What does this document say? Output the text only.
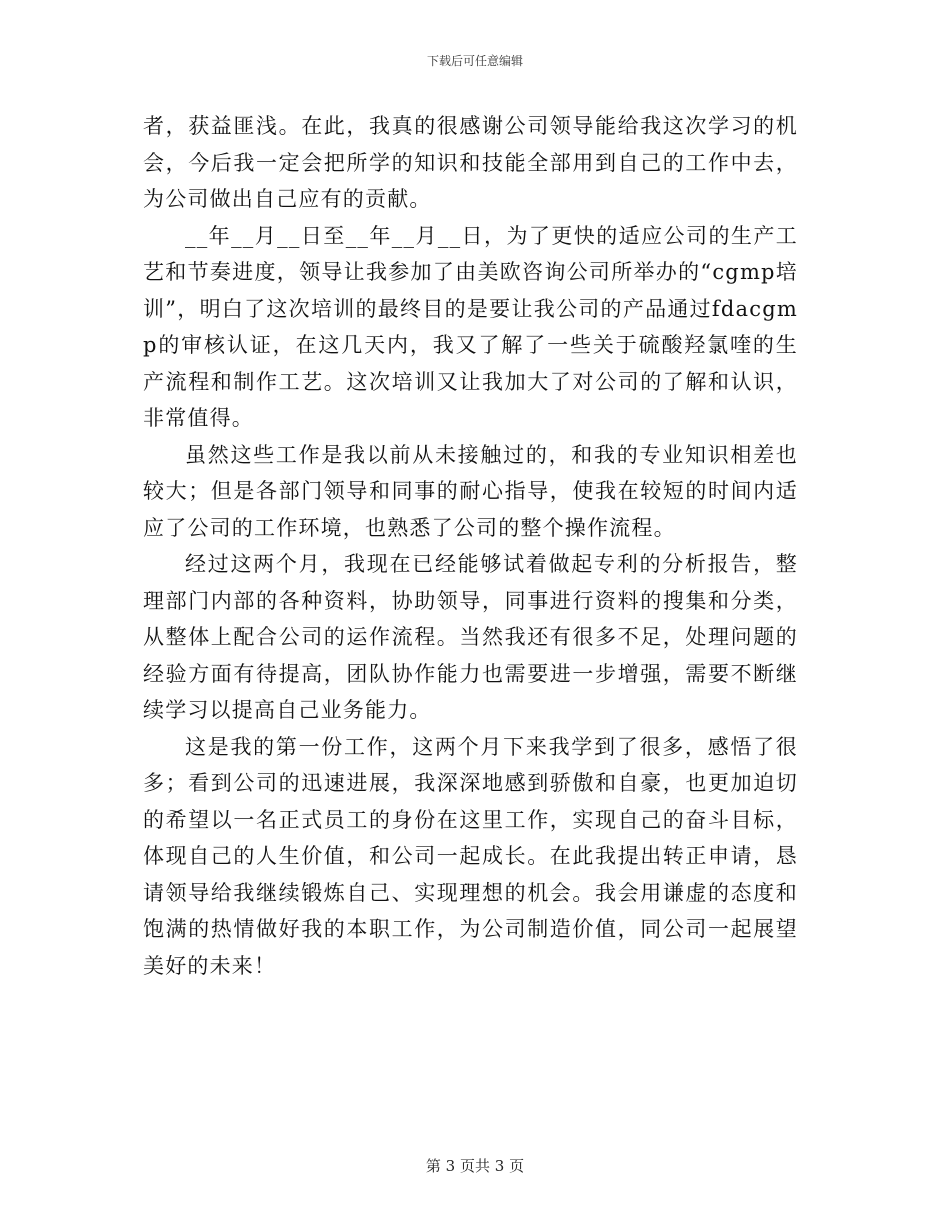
下载后可任意编辑

者，获益匪浅。在此，我真的很感谢公司领导能给我这次学习的机会，今后我一定会把所学的知识和技能全部用到自己的工作中去，为公司做出自己应有的贡献。

__年__月__日至__年__月__日，为了更快的适应公司的生产工艺和节奏进度，领导让我参加了由美欧咨询公司所举办的“cgmp培训”，明白了这次培训的最终目的是要让我公司的产品通过fdacgmp的审核认证，在这几天内，我又了解了一些关于硫酸羟氯喹的生产流程和制作工艺。这次培训又让我加大了对公司的了解和认识，非常值得。

虽然这些工作是我以前从未接触过的，和我的专业知识相差也较大；但是各部门领导和同事的耐心指导，使我在较短的时间内适应了公司的工作环境，也熟悉了公司的整个操作流程。

经过这两个月，我现在已经能够试着做起专利的分析报告，整理部门内部的各种资料，协助领导，同事进行资料的搜集和分类，从整体上配合公司的运作流程。当然我还有很多不足，处理问题的经验方面有待提高，团队协作能力也需要进一步增强，需要不断继续学习以提高自己业务能力。

这是我的第一份工作，这两个月下来我学到了很多，感悟了很多；看到公司的迅速进展，我深深地感到骄傲和自豪，也更加迫切的希望以一名正式员工的身份在这里工作，实现自己的奋斗目标，体现自己的人生价值，和公司一起成长。在此我提出转正申请，恳请领导给我继续锻炼自己、实现理想的机会。我会用谦虚的态度和饱满的热情做好我的本职工作，为公司制造价值，同公司一起展望美好的未来！

第 3 页共 3 页
